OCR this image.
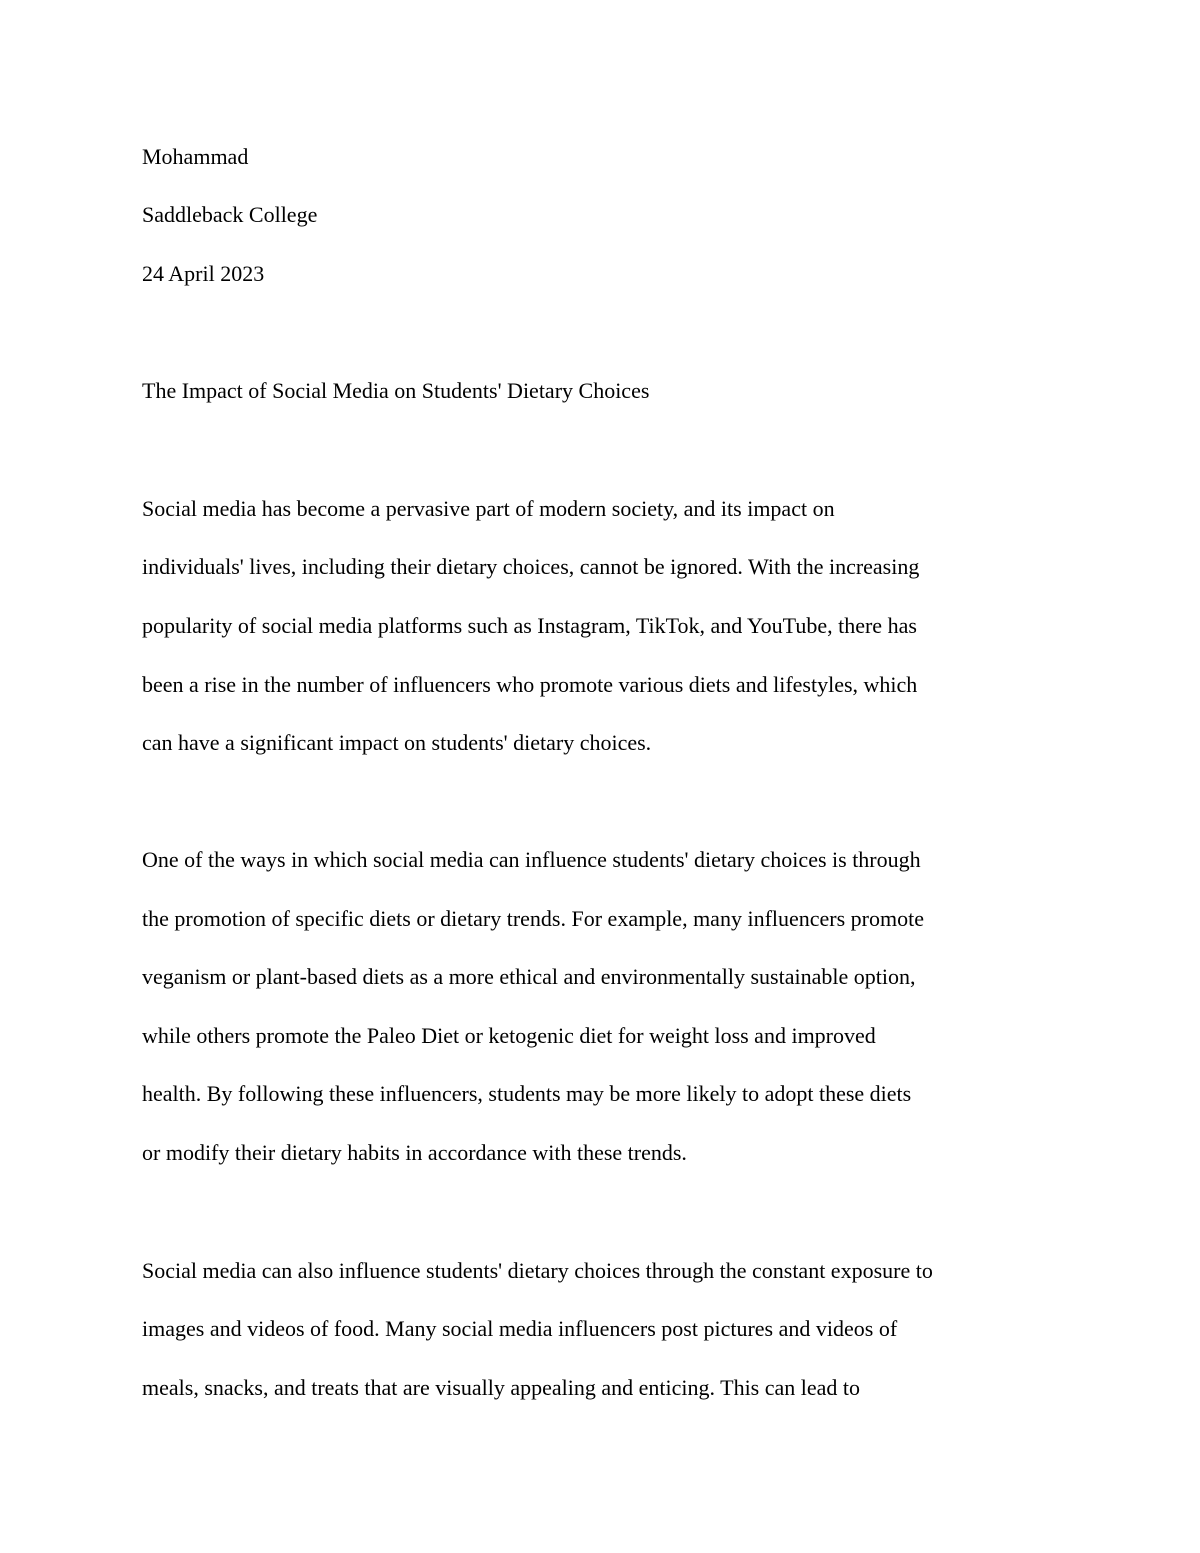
Mohammad

Saddleback College

24 April 2023

The Impact of Social Media on Students' Dietary Choices

Social media has become a pervasive part of modern society, and its impact on

individuals' lives, including their dietary choices, cannot be ignored. With the increasing

popularity of social media platforms such as Instagram, TikTok, and YouTube, there has

been a rise in the number of influencers who promote various diets and lifestyles, which

can have a significant impact on students' dietary choices.

One of the ways in which social media can influence students' dietary choices is through

the promotion of specific diets or dietary trends. For example, many influencers promote

veganism or plant-based diets as a more ethical and environmentally sustainable option,

while others promote the Paleo Diet or ketogenic diet for weight loss and improved

health. By following these influencers, students may be more likely to adopt these diets

or modify their dietary habits in accordance with these trends.

Social media can also influence students' dietary choices through the constant exposure to

images and videos of food. Many social media influencers post pictures and videos of

meals, snacks, and treats that are visually appealing and enticing. This can lead to
